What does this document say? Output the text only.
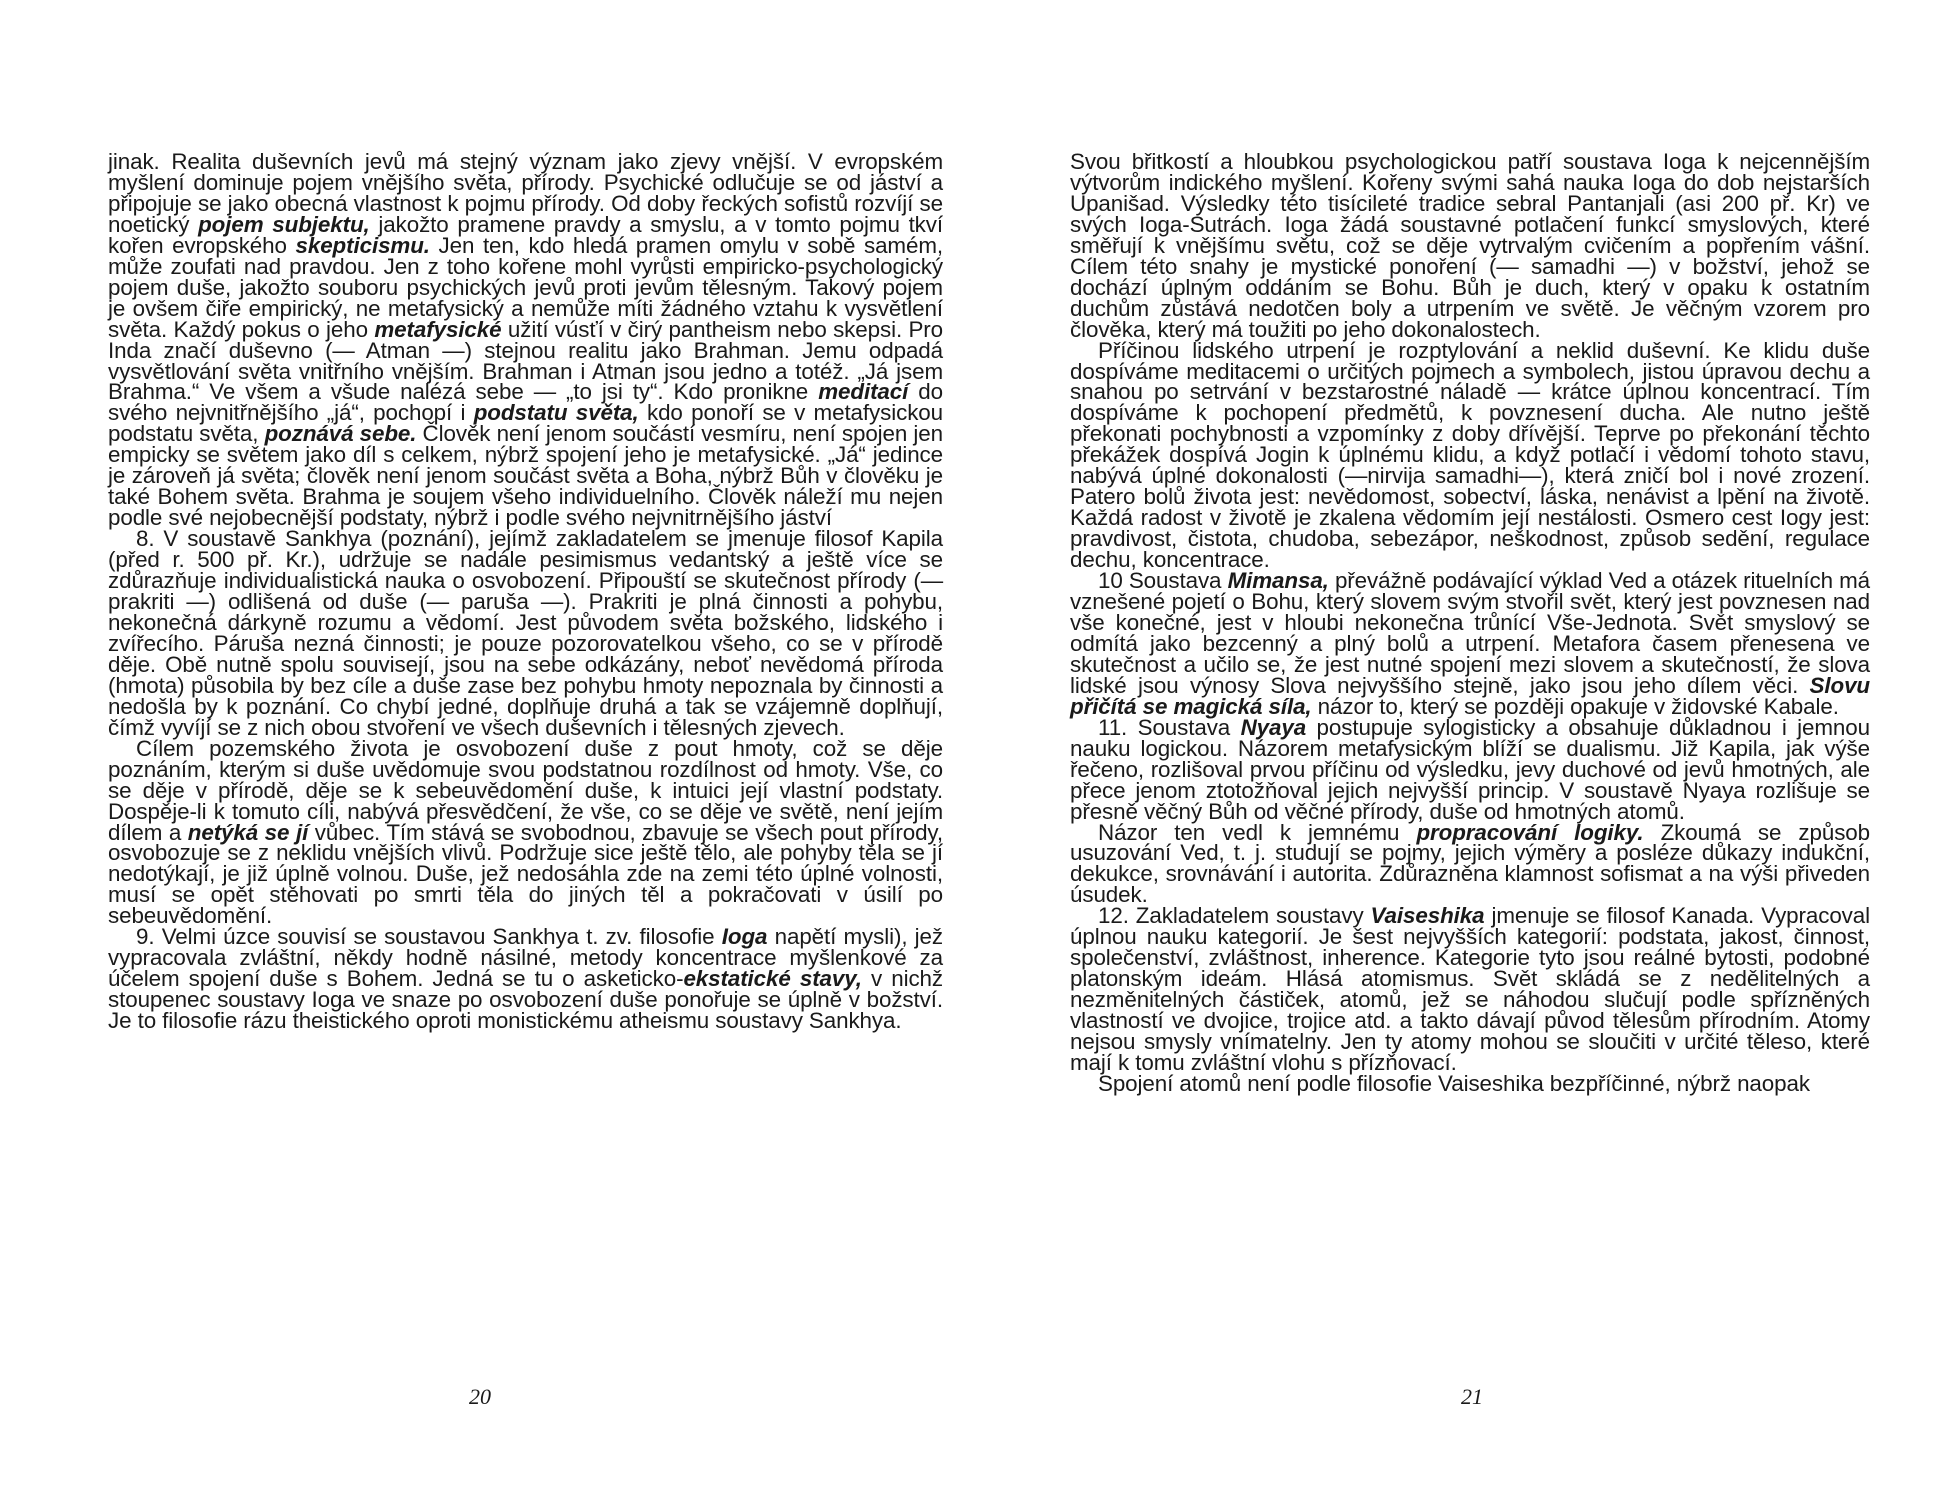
jinak. Realita duševních jevů má stejný význam jako zjevy vnější. V evropském myšlení dominuje pojem vnějšího světa, přírody. Psychické odlučuje se od jáství a připojuje se jako obecná vlastnost k pojmu přírody. Od doby řeckých sofistů rozvíjí se noetický pojem subjektu, jakožto pramene pravdy a smyslu, a v tomto pojmu tkví kořen evropského skepticismu. Jen ten, kdo hledá pramen omylu v sobě samém, může zoufati nad pravdou. Jen z toho kořene mohl vyrůsti empiricko-psychologický pojem duše, jakožto souboru psychických jevů proti jevům tělesným. Takový pojem je ovšem čiře empirický, ne metafysický a nemůže míti žádného vztahu k vysvětlení světa. Každý pokus o jeho metafysické užití vúsťí v čirý pantheism nebo skepsi. Pro Inda značí duševno (— Atman —) stejnou realitu jako Brahman. Jemu odpadá vysvětlování světa vnitřního vnějším. Brahman i Atman jsou jedno a totéž. „Já jsem Brahma.“ Ve všem a všude nalézá sebe — „to jsi ty“. Kdo pronikne meditací do svého nejvnitřnějšího „já“, pochopí i podstatu světa, kdo ponoří se v metafysickou podstatu světa, poznává sebe. Člověk není jenom součástí vesmíru, není spojen jen empicky se světem jako díl s celkem, nýbrž spojení jeho je metafysické. „Já“ jedince je zároveň já světa; člověk není jenom součást světa a Boha, nýbrž Bůh v člověku je také Bohem světa. Brahma je soujem všeho individuelního. Člověk náleží mu nejen podle své nejobecnější podstaty, nýbrž i podle svého nejvnitrnějšího jáství

8. V soustavě Sankhya (poznání), jejímž zakladatelem se jmenuje filosof Kapila (před r. 500 př. Kr.), udržuje se nadále pesimismus vedantský a ještě více se zdůrazňuje individualistická nauka o osvobození. Připouští se skutečnost přírody (— prakriti —) odlišená od duše (— paruša —). Prakriti je plná činnosti a pohybu, nekonečná dárkyně rozumu a vědomí. Jest původem světa božského, lidského i zvířecího. Páruša nezná činnosti; je pouze pozorovatelkou všeho, co se v přírodě děje. Obě nutně spolu souvisejí, jsou na sebe odkázány, neboť nevědomá příroda (hmota) působila by bez cíle a duše zase bez pohybu hmoty nepoznala by činnosti a nedošla by k poznání. Co chybí jedné, doplňuje druhá a tak se vzájemně doplňují, čímž vyvíjí se z nich obou stvoření ve všech duševních i tělesných zjevech.

Cílem pozemského života je osvobození duše z pout hmoty, což se děje poznáním, kterým si duše uvědomuje svou podstatnou rozdílnost od hmoty. Vše, co se děje v přírodě, děje se k sebeuvědomění duše, k intuici její vlastní podstaty. Dospěje-li k tomuto cíli, nabývá přesvědčení, že vše, co se děje ve světě, není jejím dílem a netýká se jí vůbec. Tím stává se svobodnou, zbavuje se všech pout přírody, osvobozuje se z neklidu vnějších vlivů. Podržuje sice ještě tělo, ale pohyby těla se jí nedotýkají, je již úplně volnou. Duše, jež nedosáhla zde na zemi této úplné volnosti, musí se opět stěhovati po smrti těla do jiných těl a pokračovati v úsilí po sebeuvědomění.

9. Velmi úzce souvisí se soustavou Sankhya t. zv. filosofie Ioga napětí mysli), jež vypracovala zvláštní, někdy hodně násilné, metody koncentrace myšlenkové za účelem spojení duše s Bohem. Jedná se tu o asketicko-ekstatické stavy, v nichž stoupenec soustavy Ioga ve snaze po osvobození duše ponořuje se úplně v božství. Je to filosofie rázu theistického oproti monistickému atheismu soustavy Sankhya.

20

Svou břitkostí a hloubkou psychologickou patří soustava Ioga k nejcennějším výtvorům indického myšlení. Kořeny svými sahá nauka Ioga do dob nejstarších Upanišad. Výsledky této tisícileté tradice sebral Pantanjali (asi 200 př. Kr) ve svých Ioga-Sutrách. Ioga žádá soustavné potlačení funkcí smyslových, které směřují k vnějšímu světu, což se děje vytrvalým cvičením a popřením vášní. Cílem této snahy je mystické ponoření (— samadhi —) v božství, jehož se dochází úplným oddáním se Bohu. Bůh je duch, který v opaku k ostatním duchům zůstává nedotčen boly a utrpením ve světě. Je věčným vzorem pro člověka, který má toužiti po jeho dokonalostech.

Příčinou lidského utrpení je rozptylování a neklid duševní. Ke klidu duše dospíváme meditacemi o určitých pojmech a symbolech, jistou úpravou dechu a snahou po setrvání v bezstarostné náladě — krátce úplnou koncentrací. Tím dospíváme k pochopení předmětů, k povznesení ducha. Ale nutno ještě překonati pochybnosti a vzpomínky z doby dřívější. Teprve po překonání těchto překážek dospívá Jogin k úplnému klidu, a když potlačí i vědomí tohoto stavu, nabývá úplné dokonalosti (—nirvija samadhi—), která zničí bol i nové zrození. Patero bolů života jest: nevědomost, sobectví, láska, nenávist a lpění na životě. Každá radost v životě je zkalena vědomím její nestálosti. Osmero cest Iogy jest: pravdivost, čistota, chudoba, sebezápor, neškodnost, způsob sedění, regulace dechu, koncentrace.

10 Soustava Mimansa, převážně podávající výklad Ved a otázek rituelních má vznešené pojetí o Bohu, který slovem svým stvořil svět, který jest povznesen nad vše konečné, jest v hloubi nekonečna trůnící Vše-Jednota. Svět smyslový se odmítá jako bezcenný a plný bolů a utrpení. Metafora časem přenesena ve skutečnost a učilo se, že jest nutné spojení mezi slovem a skutečností, že slova lidské jsou výnosy Slova nejvyššího stejně, jako jsou jeho dílem věci. Slovu přičítá se magická síla, názor to, který se později opakuje v židovské Kabale.

11. Soustava Nyaya postupuje sylogisticky a obsahuje důkladnou i jemnou nauku logickou. Názorem metafysickým blíží se dualismu. Již Kapila, jak výše řečeno, rozlišoval prvou příčinu od výsledku, jevy duchové od jevů hmotných, ale přece jenom ztotožňoval jejich nejvyšší princip. V soustavě Nyaya rozlišuje se přesně věčný Bůh od věčné přírody, duše od hmotných atomů.

Názor ten vedl k jemnému propracování logiky. Zkoumá se způsob usuzování Ved, t. j. studují se pojmy, jejich výměry a posléze důkazy indukční, dekukce, srovnávání i autorita. Zdůrazněna klamnost sofismat a na výši přiveden úsudek.

12. Zakladatelem soustavy Vaiseshika jmenuje se filosof Kanada. Vypracoval úplnou nauku kategorií. Je šest nejvyšších kategorií: podstata, jakost, činnost, společenství, zvláštnost, inherence. Kategorie tyto jsou reálné bytosti, podobné platonským ideám. Hlásá atomismus. Svět skládá se z nedělitelných a nezměnitelných částiček, atomů, jež se náhodou slučují podle spřízněných vlastností ve dvojice, trojice atd. a takto dávají původ tělesům přírodním. Atomy nejsou smysly vnímatelny. Jen ty atomy mohou se sloučiti v určité těleso, které mají k tomu zvláštní vlohu s přízňovací.

Spojení atomů není podle filosofie Vaiseshika bezpříčinné, nýbrž naopak

21
